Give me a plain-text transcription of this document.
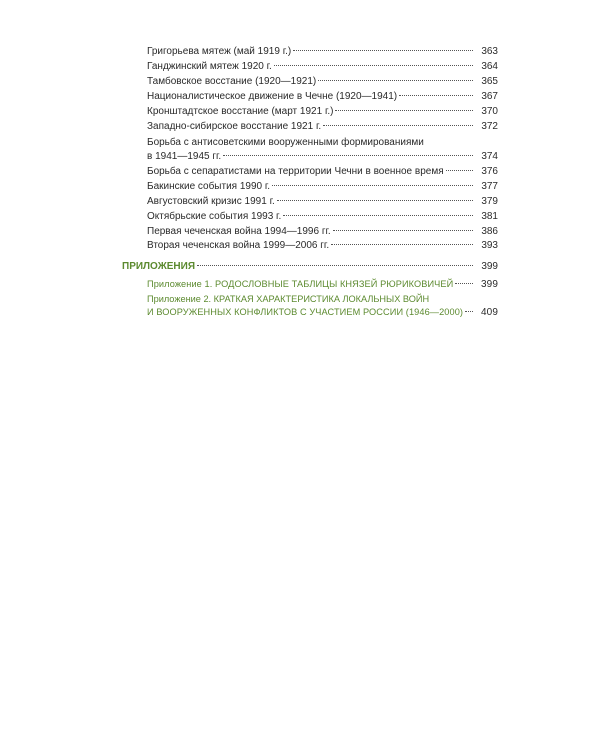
Григорьева мятеж (май 1919 г.)	363
Ганджинский мятеж 1920 г.	364
Тамбовское восстание (1920—1921)	365
Националистическое движение в Чечне (1920—1941)	367
Кронштадтское восстание (март 1921 г.)	370
Западно-сибирское восстание 1921 г.	372
Борьба с антисоветскими вооруженными формированиями
в 1941—1945 гг.	374
Борьба с сепаратистами на территории Чечни в военное время	376
Бакинские события 1990 г.	377
Августовский кризис 1991 г.	379
Октябрьские события 1993 г.	381
Первая чеченская война 1994—1996 гг.	386
Вторая чеченская война 1999—2006 гг.	393
ПРИЛОЖЕНИЯ	399
Приложение 1. РОДОСЛОВНЫЕ ТАБЛИЦЫ КНЯЗЕЙ РЮРИКОВИЧЕЙ	399
Приложение 2. КРАТКАЯ ХАРАКТЕРИСТИКА ЛОКАЛЬНЫХ ВОЙН
И ВООРУЖЕННЫХ КОНФЛИКТОВ С УЧАСТИЕМ РОССИИ (1946—2000)	409
